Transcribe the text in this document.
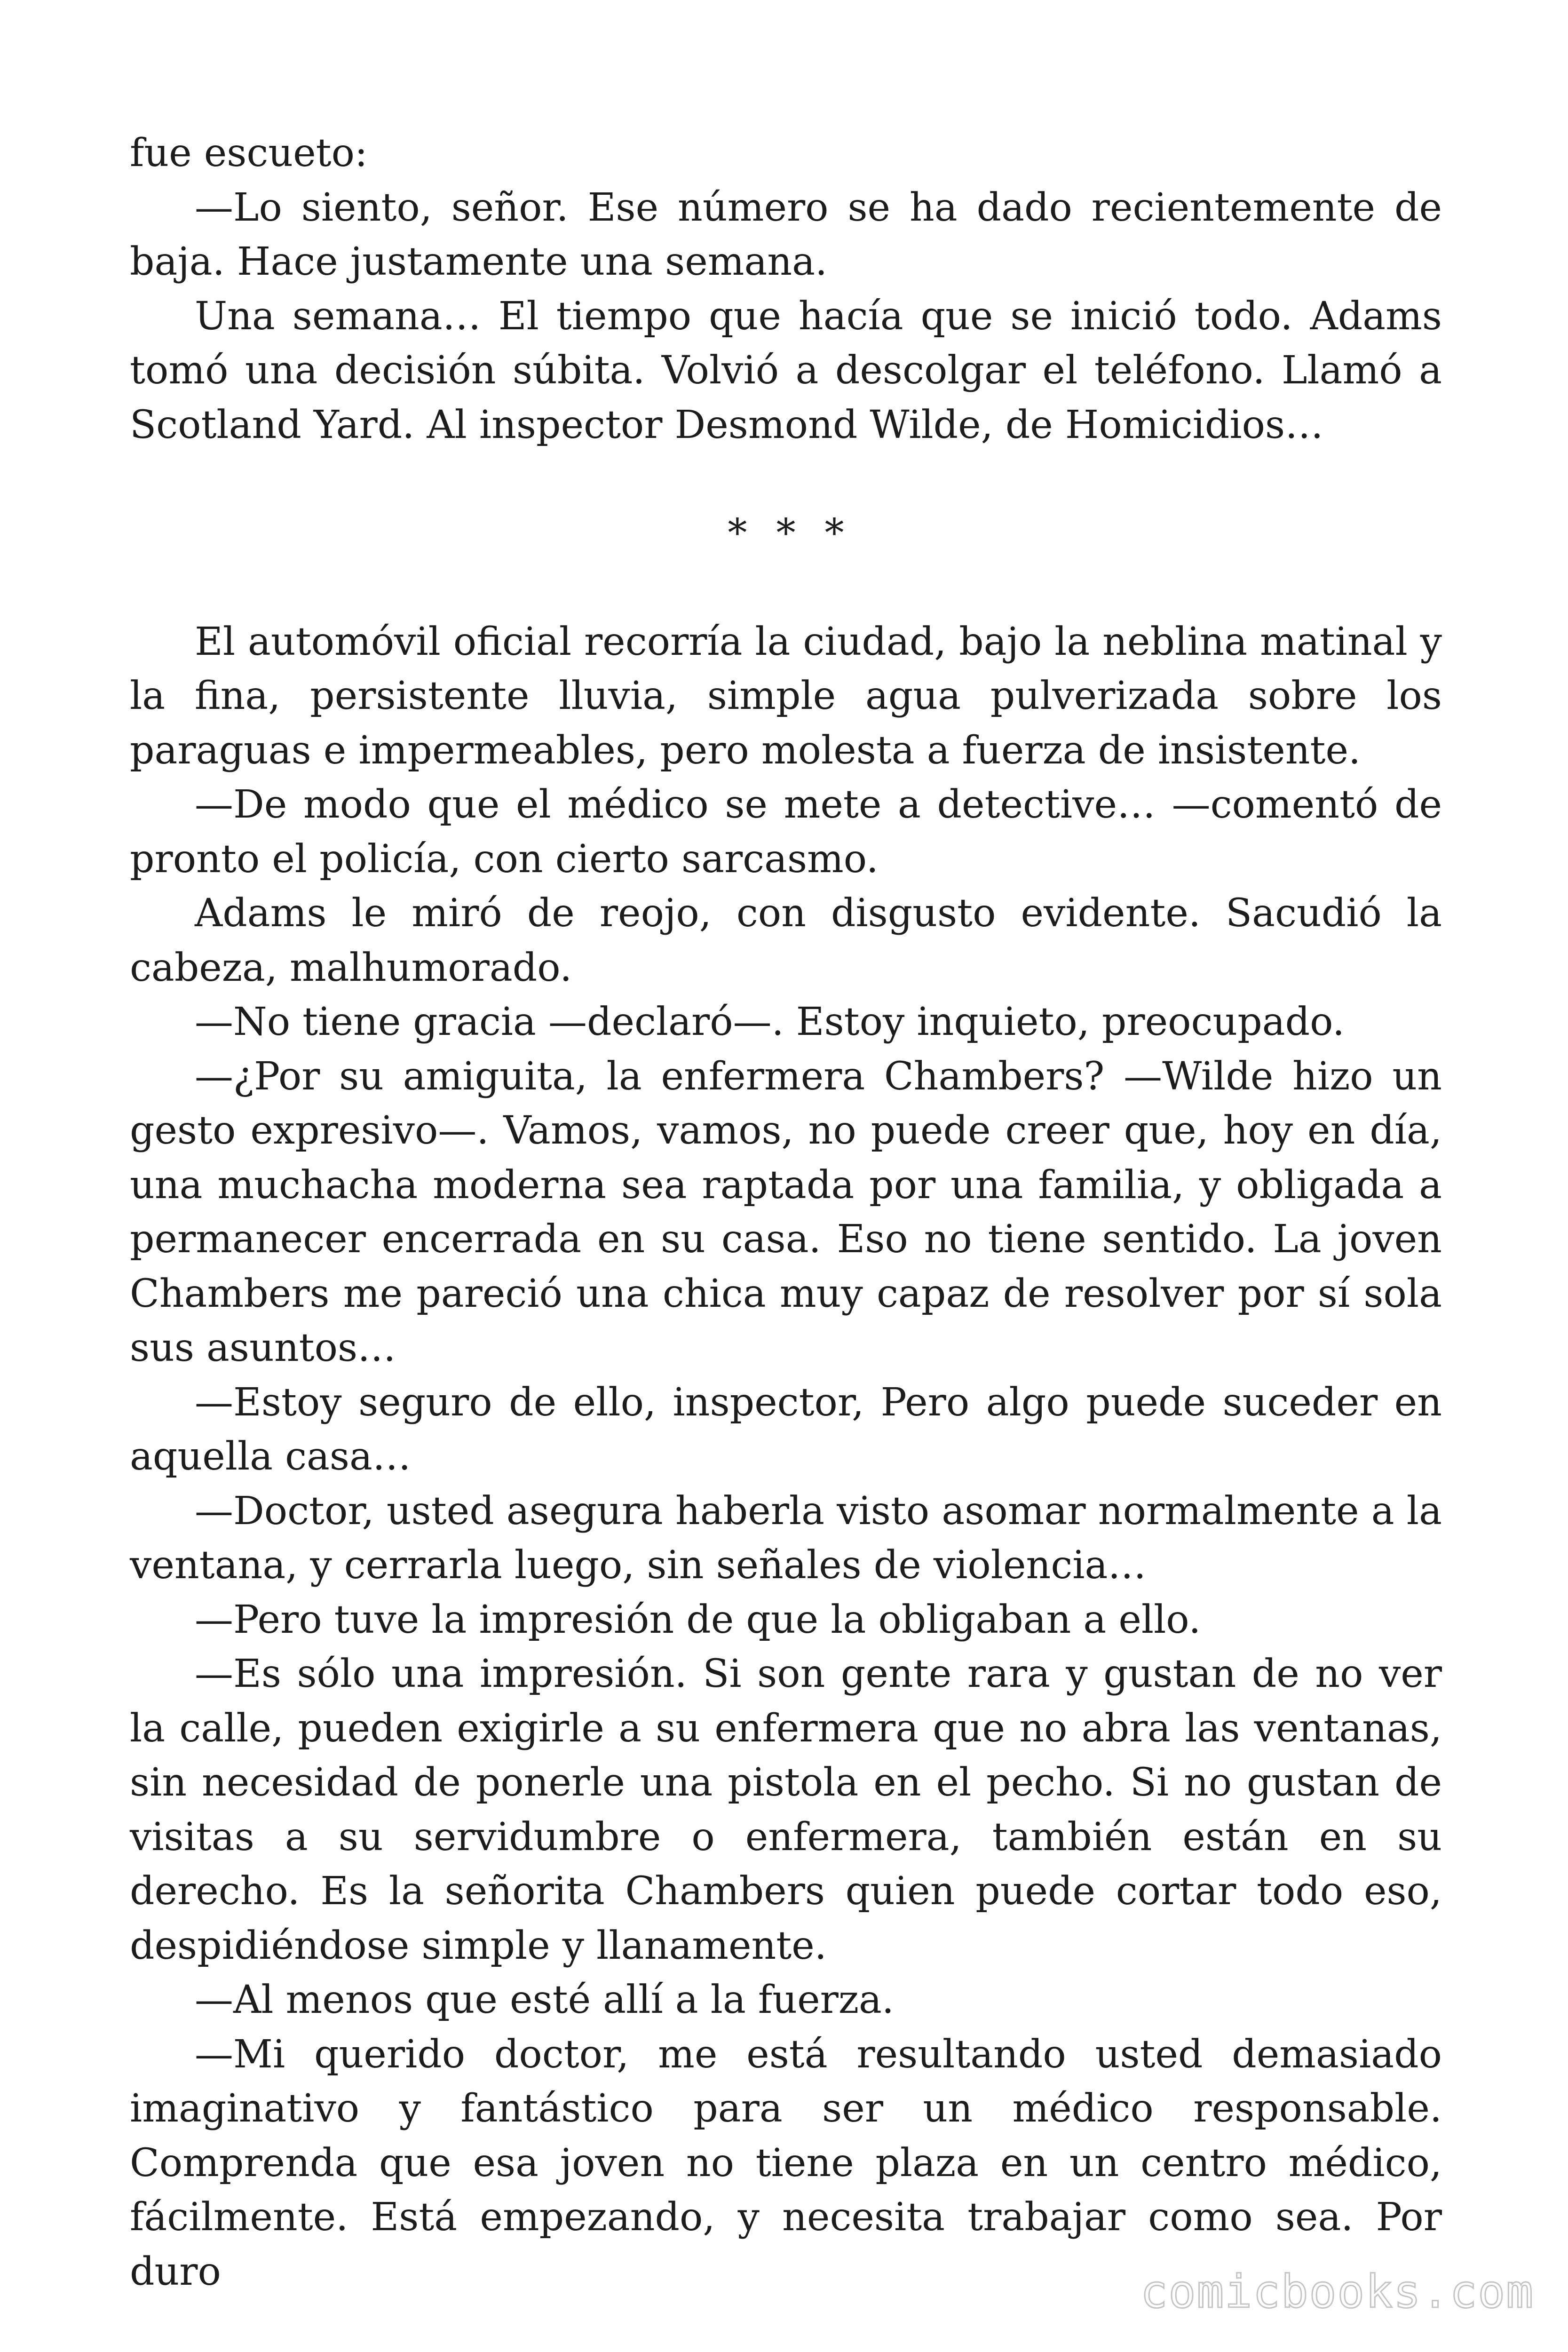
fue escueto:

—Lo siento, señor. Ese número se ha dado recientemente de baja. Hace justamente una semana.

Una semana… El tiempo que hacía que se inició todo. Adams tomó una decisión súbita. Volvió a descolgar el teléfono. Llamó a Scotland Yard. Al inspector Desmond Wilde, de Homicidios…

* * *

El automóvil oficial recorría la ciudad, bajo la neblina matinal y la fina, persistente lluvia, simple agua pulverizada sobre los paraguas e impermeables, pero molesta a fuerza de insistente.

—De modo que el médico se mete a detective… —comentó de pronto el policía, con cierto sarcasmo.

Adams le miró de reojo, con disgusto evidente. Sacudió la cabeza, malhumorado.

—No tiene gracia —declaró—. Estoy inquieto, preocupado.

—¿Por su amiguita, la enfermera Chambers? —Wilde hizo un gesto expresivo—. Vamos, vamos, no puede creer que, hoy en día, una muchacha moderna sea raptada por una familia, y obligada a permanecer encerrada en su casa. Eso no tiene sentido. La joven Chambers me pareció una chica muy capaz de resolver por sí sola sus asuntos…

—Estoy seguro de ello, inspector, Pero algo puede suceder en aquella casa…

—Doctor, usted asegura haberla visto asomar normalmente a la ventana, y cerrarla luego, sin señales de violencia…

—Pero tuve la impresión de que la obligaban a ello.

—Es sólo una impresión. Si son gente rara y gustan de no ver la calle, pueden exigirle a su enfermera que no abra las ventanas, sin necesidad de ponerle una pistola en el pecho. Si no gustan de visitas a su servidumbre o enfermera, también están en su derecho. Es la señorita Chambers quien puede cortar todo eso, despidiéndose simple y llanamente.

—Al menos que esté allí a la fuerza.

—Mi querido doctor, me está resultando usted demasiado imaginativo y fantástico para ser un médico responsable. Comprenda que esa joven no tiene plaza en un centro médico, fácilmente. Está empezando, y necesita trabajar como sea. Por duro	comicbooks.com
